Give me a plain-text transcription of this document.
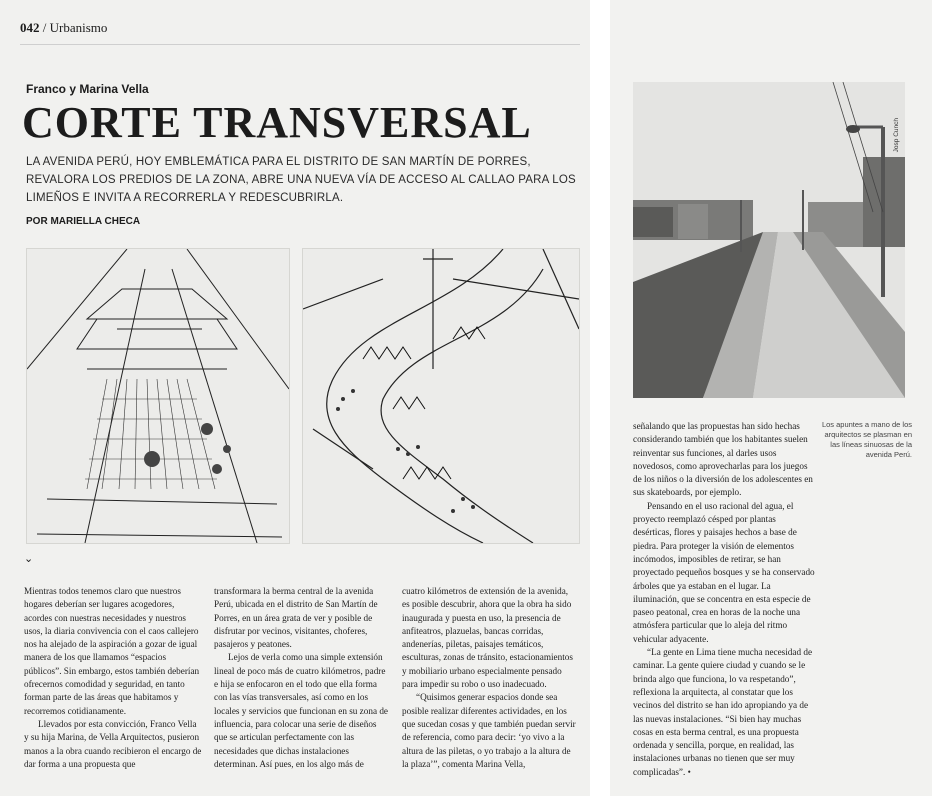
042 / Urbanismo
Franco y Marina Vella
CORTE TRANSVERSAL
LA AVENIDA PERÚ, HOY EMBLEMÁTICA PARA EL DISTRITO DE SAN MARTÍN DE PORRES, REVALORA LOS PREDIOS DE LA ZONA, ABRE UNA NUEVA VÍA DE ACCESO AL CALLAO PARA LOS LIMEÑOS E INVITA A RECORRERLA Y REDESCUBRIRLA.
POR MARIELLA CHECA
⌄

Mientras todos tenemos claro que nuestros hogares deberían ser lugares acogedores, acordes con nuestras necesidades y nuestros usos, la diaria convivencia con el caos callejero nos ha alejado de la aspiración a gozar de igual manera de los que llamamos “espacios públicos”. Sin embargo, estos también deberían ofrecernos comodidad y seguridad, en tanto forman parte de las áreas que habitamos y recorremos cotidianamente.

Llevados por esta convicción, Franco Vella y su hija Marina, de Vella Arquitectos, pusieron manos a la obra cuando recibieron el encargo de dar forma a una propuesta que

transformara la berma central de la avenida Perú, ubicada en el distrito de San Martín de Porres, en un área grata de ver y posible de disfrutar por vecinos, visitantes, choferes, pasajeros y peatones.

Lejos de verla como una simple extensión lineal de poco más de cuatro kilómetros, padre e hija se enfocaron en el todo que ella forma con las vías transversales, así como en los locales y servicios que funcionan en su zona de influencia, para colocar una serie de diseños que se articulan perfectamente con las necesidades que dichas instalaciones determinan. Así pues, en los algo más de

cuatro kilómetros de extensión de la avenida, es posible descubrir, ahora que la obra ha sido inaugurada y puesta en uso, la presencia de anfiteatros, plazuelas, bancas corridas, andenerías, piletas, paisajes temáticos, esculturas, zonas de tránsito, estacionamientos y mobiliario urbano especialmente pensado para impedir su robo o uso inadecuado.

“Quisimos generar espacios donde sea posible realizar diferentes actividades, en los que sucedan cosas y que también puedan servir de referencia, como para decir: ‘yo vivo a la altura de las piletas, o yo trabajo a la altura de la plaza’”, comenta Marina Vella,

Josp Cunch

señalando que las propuestas han sido hechas considerando también que los habitantes suelen reinventar sus funciones, al darles usos novedosos, como aprovecharlas para los juegos de los niños o la diversión de los adolescentes en sus skateboards, por ejemplo.

Pensando en el uso racional del agua, el proyecto reemplazó césped por plantas desérticas, flores y paisajes hechos a base de piedra. Para proteger la visión de elementos incómodos, imposibles de retirar, se han proyectado pequeños bosques y se ha conservado árboles que ya estaban en el lugar. La iluminación, que se concentra en esta especie de paseo peatonal, crea en horas de la noche una atmósfera particular que lo aleja del ritmo vehicular adyacente.

“La gente en Lima tiene mucha necesidad de caminar. La gente quiere ciudad y cuando se le brinda algo que funciona, lo va respetando”, reflexiona la arquitecta, al constatar que los vecinos del distrito se han ido apropiando ya de las nuevas instalaciones. “Si bien hay muchas cosas en esta berma central, es una propuesta ordenada y sencilla, porque, en realidad, las instalaciones urbanas no tienen que ser muy complicadas”. •

Los apuntes a mano de los arquitectos se plasman en las líneas sinuosas de la avenida Perú.
